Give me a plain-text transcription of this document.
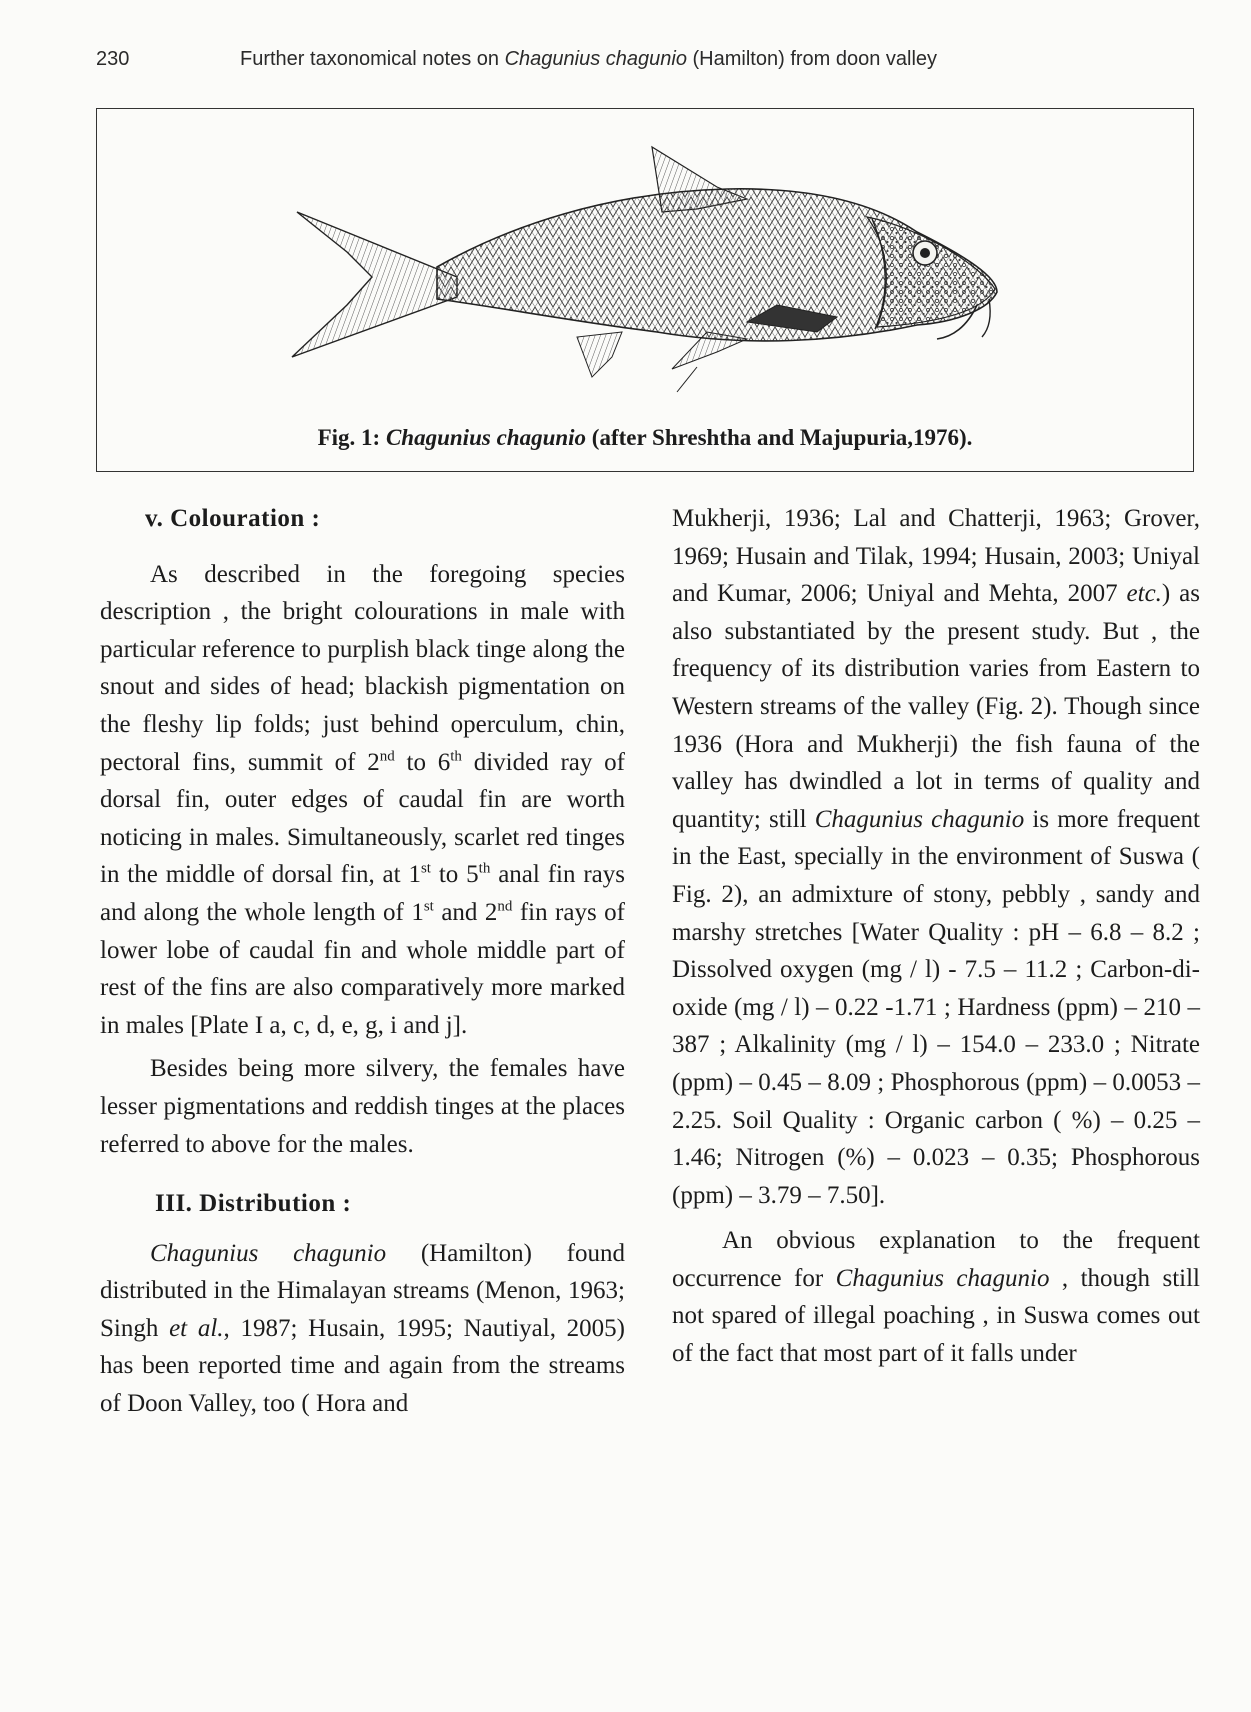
230	Further taxonomical notes on Chagunius chagunio (Hamilton) from doon valley
Fig. 1: Chagunius chagunio (after Shreshtha and Majupuria,1976).

v. Colouration :

As described in the foregoing species description , the bright colourations in male with particular reference to purplish black tinge along the snout and sides of head; blackish pigmentation on the fleshy lip folds; just behind operculum, chin, pectoral fins, summit of 2nd to 6th divided ray of dorsal fin, outer edges of caudal fin are worth noticing in males. Simultaneously, scarlet red tinges in the middle of dorsal fin, at 1st to 5th anal fin rays and along the whole length of 1st and 2nd fin rays of lower lobe of caudal fin and whole middle part of rest of the fins are also comparatively more marked in males [Plate I a, c, d, e, g, i and j].

Besides being more silvery, the females have lesser pigmentations and reddish tinges at the places referred to above for the males.

III. Distribution :

Chagunius chagunio (Hamilton) found distributed in the Himalayan streams (Menon, 1963; Singh et al., 1987; Husain, 1995; Nautiyal, 2005) has been reported time and again from the streams of Doon Valley, too ( Hora and

Mukherji, 1936; Lal and Chatterji, 1963; Grover, 1969; Husain and Tilak, 1994; Husain, 2003; Uniyal and Kumar, 2006; Uniyal and Mehta, 2007 etc.) as also substantiated by the present study. But , the frequency of its distribution varies from Eastern to Western streams of the valley (Fig. 2). Though since 1936 (Hora and Mukherji) the fish fauna of the valley has dwindled a lot in terms of quality and quantity; still Chagunius chagunio is more frequent in the East, specially in the environment of Suswa ( Fig. 2), an admixture of stony, pebbly , sandy and marshy stretches [Water Quality : pH – 6.8 – 8.2 ; Dissolved oxygen (mg / l) - 7.5 – 11.2 ; Carbon-di-oxide (mg / l) – 0.22 -1.71 ; Hardness (ppm) – 210 – 387 ; Alkalinity (mg / l) – 154.0 – 233.0 ; Nitrate (ppm) – 0.45 – 8.09 ; Phosphorous (ppm) – 0.0053 – 2.25. Soil Quality : Organic carbon ( %) – 0.25 – 1.46; Nitrogen (%) – 0.023 – 0.35; Phosphorous (ppm) – 3.79 – 7.50].

An obvious explanation to the frequent occurrence for Chagunius chagunio , though still not spared of illegal poaching , in Suswa comes out of the fact that most part of it falls under
